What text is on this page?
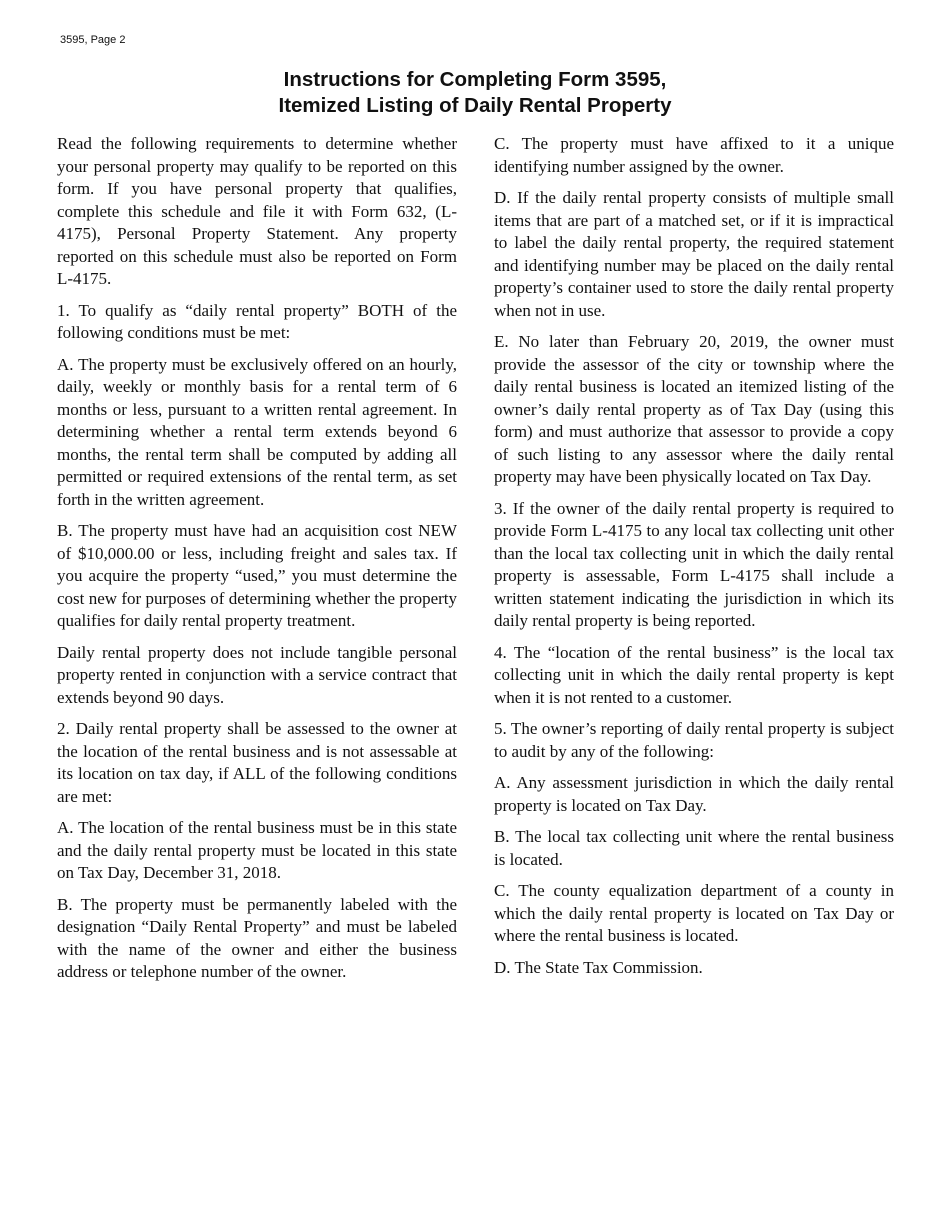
3595, Page 2
Instructions for Completing Form 3595,
Itemized Listing of Daily Rental Property

Read the following requirements to determine whether your personal property may qualify to be reported on this form. If you have personal property that qualifies, complete this schedule and file it with Form 632, (L-4175), Personal Property Statement. Any property reported on this schedule must also be reported on Form L-4175.

1. To qualify as “daily rental property” BOTH of the following conditions must be met:

A. The property must be exclusively offered on an hourly, daily, weekly or monthly basis for a rental term of 6 months or less, pursuant to a written rental agreement. In determining whether a rental term extends beyond 6 months, the rental term shall be computed by adding all permitted or required extensions of the rental term, as set forth in the written agreement.

B. The property must have had an acquisition cost NEW of $10,000.00 or less, including freight and sales tax. If you acquire the property “used,” you must determine the cost new for purposes of determining whether the property qualifies for daily rental property treatment.

Daily rental property does not include tangible personal property rented in conjunction with a service contract that extends beyond 90 days.

2. Daily rental property shall be assessed to the owner at the location of the rental business and is not assessable at its location on tax day, if ALL of the following conditions are met:

A. The location of the rental business must be in this state and the daily rental property must be located in this state on Tax Day, December 31, 2018.

B. The property must be permanently labeled with the designation “Daily Rental Property” and must be labeled with the name of the owner and either the business address or telephone number of the owner.

C. The property must have affixed to it a unique identifying number assigned by the owner.

D. If the daily rental property consists of multiple small items that are part of a matched set, or if it is impractical to label the daily rental property, the required statement and identifying number may be placed on the daily rental property’s container used to store the daily rental property when not in use.

E. No later than February 20, 2019, the owner must provide the assessor of the city or township where the daily rental business is located an itemized listing of the owner’s daily rental property as of Tax Day (using this form) and must authorize that assessor to provide a copy of such listing to any assessor where the daily rental property may have been physically located on Tax Day.

3. If the owner of the daily rental property is required to provide Form L-4175 to any local tax collecting unit other than the local tax collecting unit in which the daily rental property is assessable, Form L-4175 shall include a written statement indicating the jurisdiction in which its daily rental property is being reported.

4. The “location of the rental business” is the local tax collecting unit in which the daily rental property is kept when it is not rented to a customer.

5. The owner’s reporting of daily rental property is subject to audit by any of the following:

A. Any assessment jurisdiction in which the daily rental property is located on Tax Day.

B. The local tax collecting unit where the rental business is located.

C. The county equalization department of a county in which the daily rental property is located on Tax Day or where the rental business is located.

D. The State Tax Commission.
